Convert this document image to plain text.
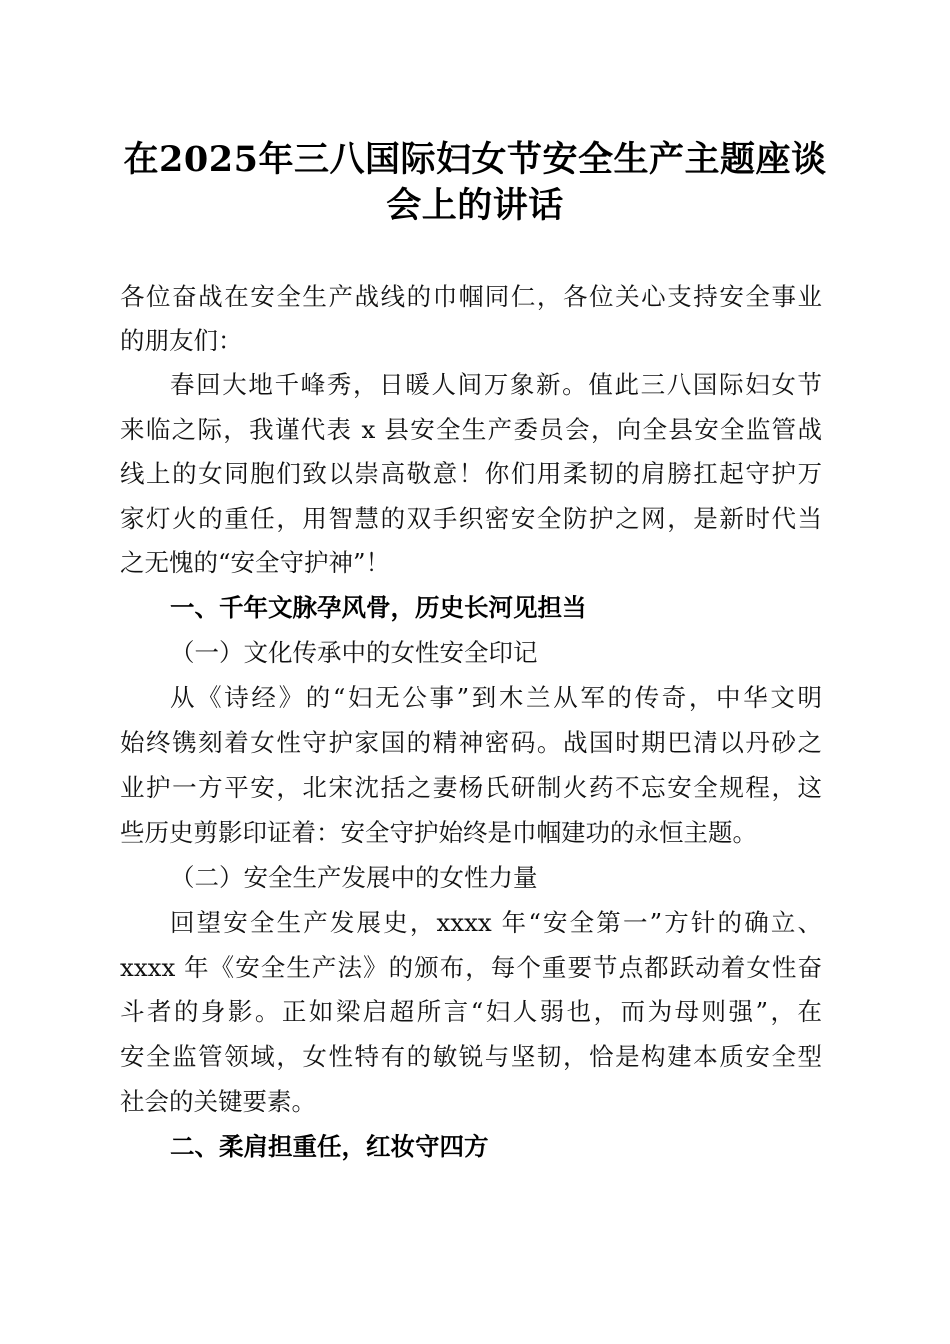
在2025年三八国际妇女节安全生产主题座谈
会上的讲话
各位奋战在安全生产战线的巾帼同仁，各位关心支持安全事业
的朋友们：
春回大地千峰秀，日暖人间万象新。值此三八国际妇女节
来临之际，我谨代表 x 县安全生产委员会，向全县安全监管战
线上的女同胞们致以崇高敬意！你们用柔韧的肩膀扛起守护万
家灯火的重任，用智慧的双手织密安全防护之网，是新时代当
之无愧的“安全守护神”！
一、千年文脉孕风骨，历史长河见担当
（一）文化传承中的女性安全印记
从《诗经》的“妇无公事”到木兰从军的传奇，中华文明
始终镌刻着女性守护家国的精神密码。战国时期巴清以丹砂之
业护一方平安，北宋沈括之妻杨氏研制火药不忘安全规程，这
些历史剪影印证着：安全守护始终是巾帼建功的永恒主题。
（二）安全生产发展中的女性力量
回望安全生产发展史，xxxx 年“安全第一”方针的确立、
xxxx 年《安全生产法》的颁布，每个重要节点都跃动着女性奋
斗者的身影。正如梁启超所言“妇人弱也，而为母则强”，在
安全监管领域，女性特有的敏锐与坚韧，恰是构建本质安全型
社会的关键要素。
二、柔肩担重任，红妆守四方
